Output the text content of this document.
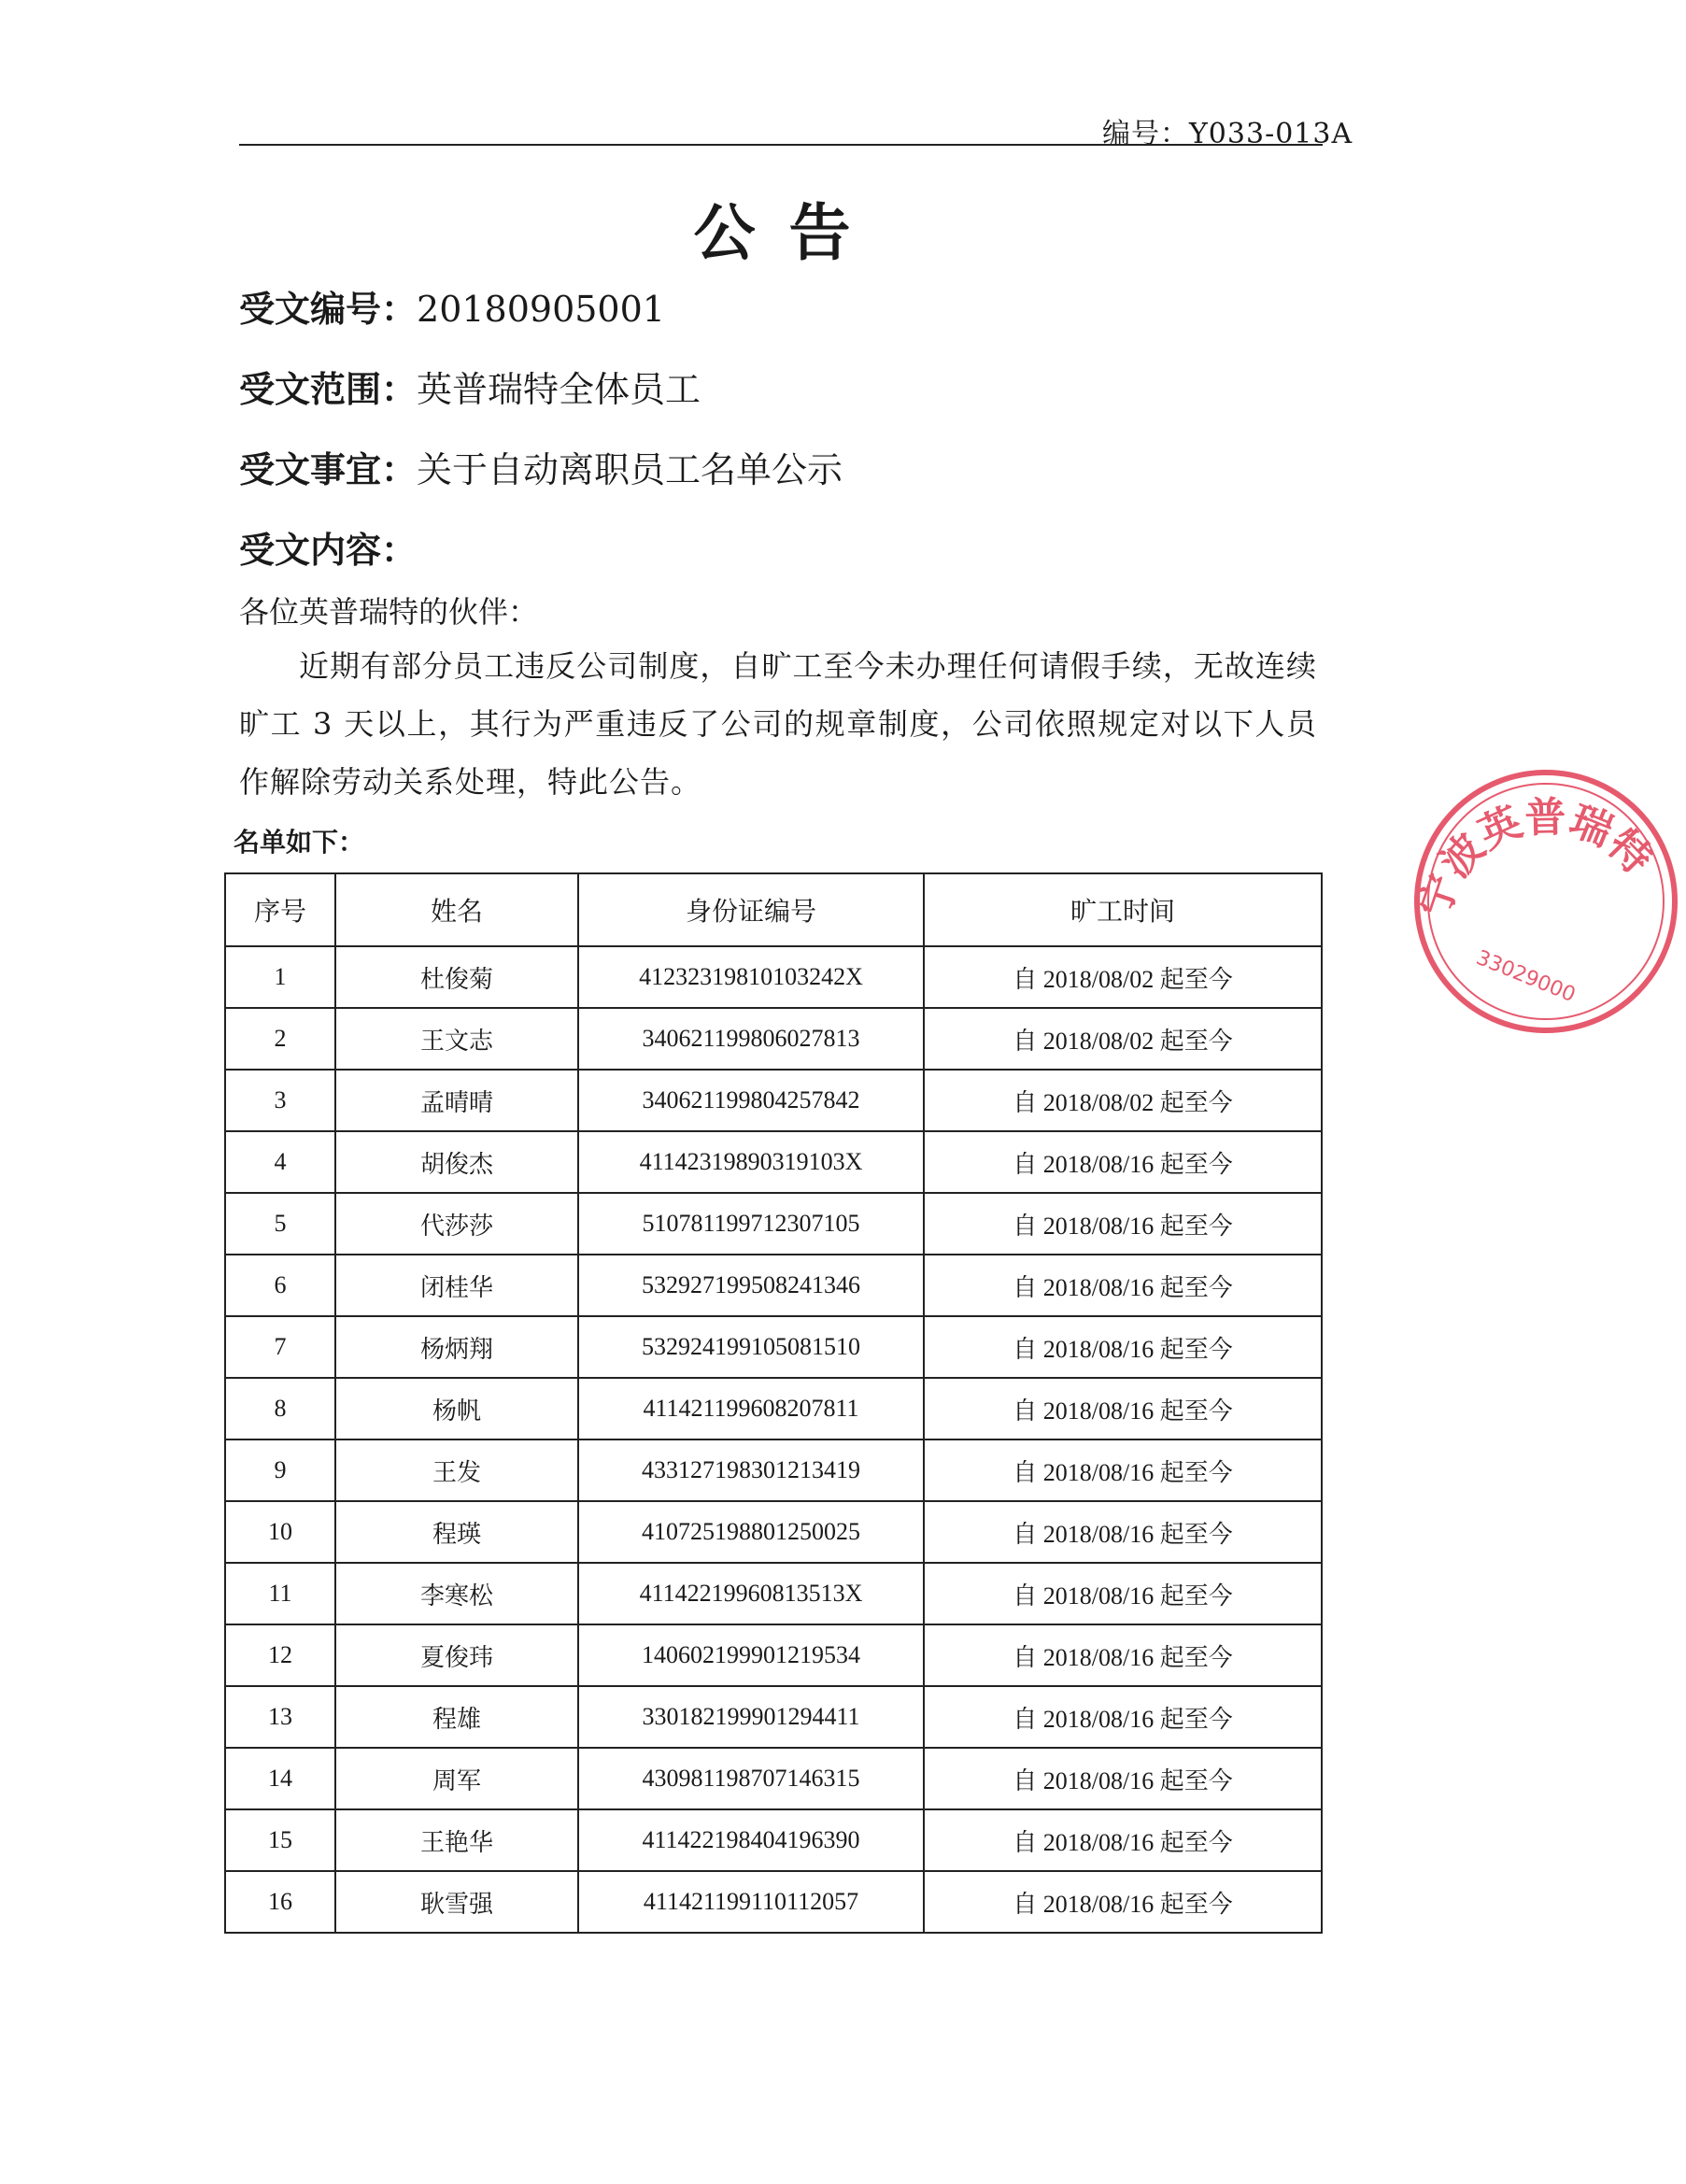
编号：Y033-013A
公告
受文编号：20180905001
受文范围：英普瑞特全体员工
受文事宜：关于自动离职员工名单公示
受文内容：
各位英普瑞特的伙伴：
近期有部分员工违反公司制度，自旷工至今未办理任何请假手续，无故连续旷工 3 天以上，其行为严重违反了公司的规章制度，公司依照规定对以下人员作解除劳动关系处理，特此公告。
名单如下：
序号	姓名	身份证编号	旷工时间
1	杜俊菊	41232319810103242X	自 2018/08/02 起至今
2	王文志	340621199806027813	自 2018/08/02 起至今
3	孟晴晴	340621199804257842	自 2018/08/02 起至今
4	胡俊杰	41142319890319103X	自 2018/08/16 起至今
5	代莎莎	510781199712307105	自 2018/08/16 起至今
6	闭桂华	532927199508241346	自 2018/08/16 起至今
7	杨炳翔	532924199105081510	自 2018/08/16 起至今
8	杨帆	411421199608207811	自 2018/08/16 起至今
9	王发	433127198301213419	自 2018/08/16 起至今
10	程瑛	410725198801250025	自 2018/08/16 起至今
11	李寒松	41142219960813513X	自 2018/08/16 起至今
12	夏俊玮	140602199901219534	自 2018/08/16 起至今
13	程雄	330182199901294411	自 2018/08/16 起至今
14	周军	430981198707146315	自 2018/08/16 起至今
15	王艳华	411422198404196390	自 2018/08/16 起至今
16	耿雪强	411421199110112057	自 2018/08/16 起至今
宁波英普瑞特
33029000
